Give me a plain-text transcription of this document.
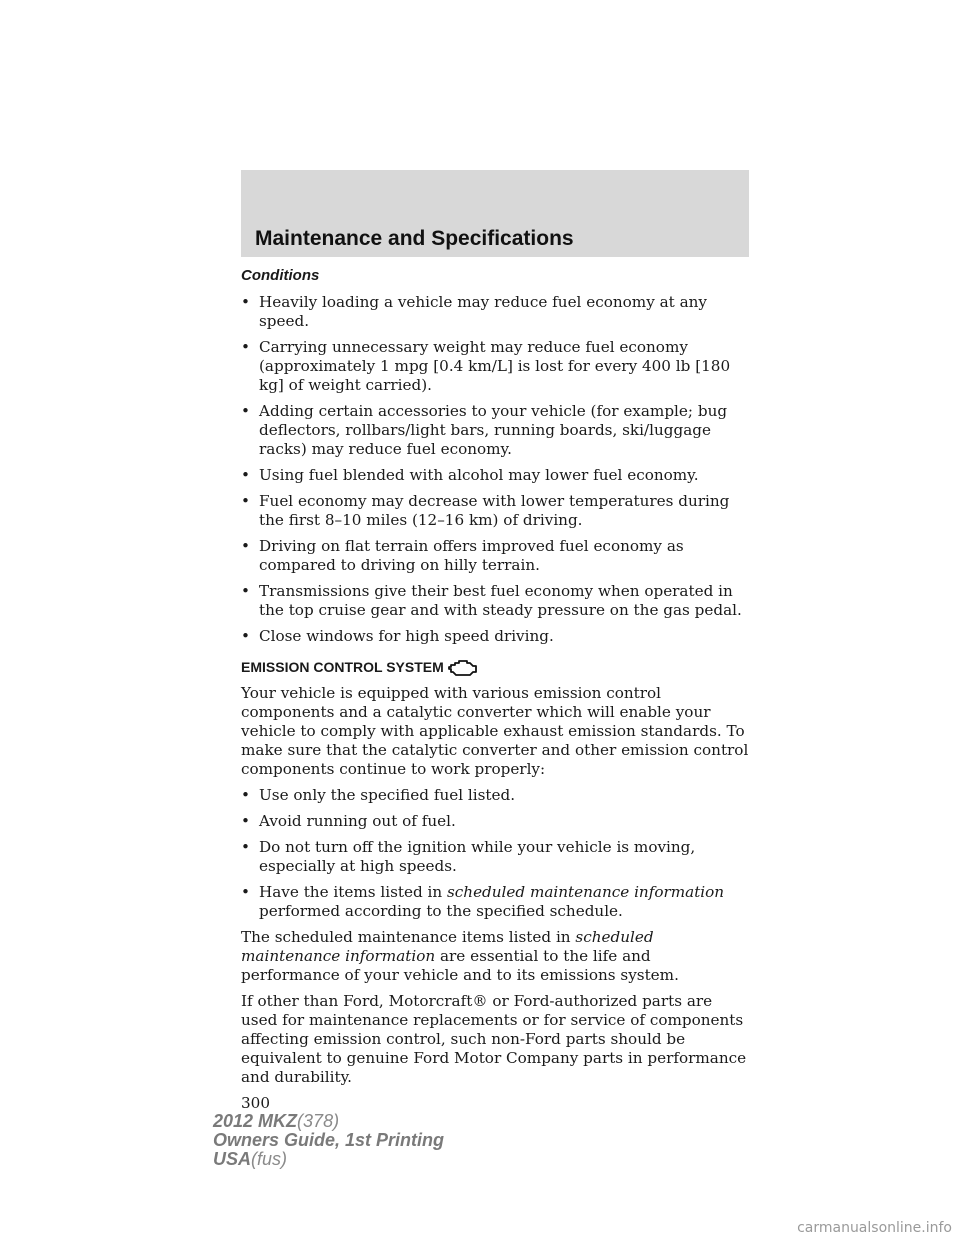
Maintenance and Specifications
Conditions
• Heavily loading a vehicle may reduce fuel economy at any speed.
• Carrying unnecessary weight may reduce fuel economy (approximately 1 mpg [0.4 km/L] is lost for every 400 lb [180 kg] of weight carried).
• Adding certain accessories to your vehicle (for example; bug deflectors, rollbars/light bars, running boards, ski/luggage racks) may reduce fuel economy.
• Using fuel blended with alcohol may lower fuel economy.
• Fuel economy may decrease with lower temperatures during the first 8–10 miles (12–16 km) of driving.
• Driving on flat terrain offers improved fuel economy as compared to driving on hilly terrain.
• Transmissions give their best fuel economy when operated in the top cruise gear and with steady pressure on the gas pedal.
• Close windows for high speed driving.
EMISSION CONTROL SYSTEM

Your vehicle is equipped with various emission control components and a catalytic converter which will enable your vehicle to comply with applicable exhaust emission standards. To make sure that the catalytic converter and other emission control components continue to work properly:

• Use only the specified fuel listed.
• Avoid running out of fuel.
• Do not turn off the ignition while your vehicle is moving, especially at high speeds.
• Have the items listed in scheduled maintenance information performed according to the specified schedule.

The scheduled maintenance items listed in scheduled maintenance information are essential to the life and performance of your vehicle and to its emissions system.

If other than Ford, Motorcraft® or Ford-authorized parts are used for maintenance replacements or for service of components affecting emission control, such non-Ford parts should be equivalent to genuine Ford Motor Company parts in performance and durability.

300
2012 MKZ(378)
Owners Guide, 1st Printing
USA(fus)
carmanualsonline.info
